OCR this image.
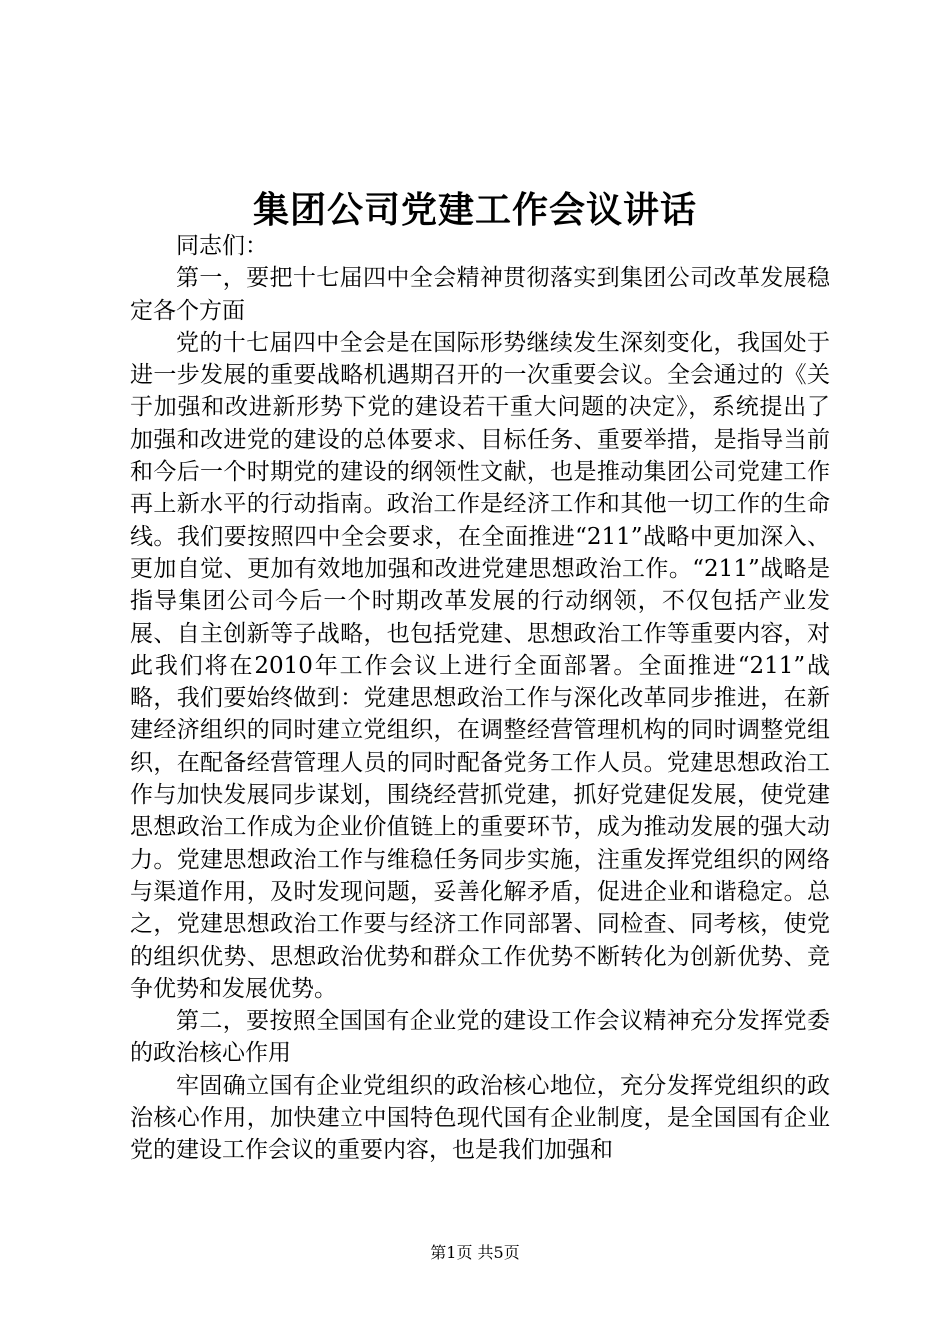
集团公司党建工作会议讲话

同志们：

第一，要把十七届四中全会精神贯彻落实到集团公司改革发展稳定各个方面

党的十七届四中全会是在国际形势继续发生深刻变化，我国处于进一步发展的重要战略机遇期召开的一次重要会议。全会通过的《关于加强和改进新形势下党的建设若干重大问题的决定》，系统提出了加强和改进党的建设的总体要求、目标任务、重要举措，是指导当前和今后一个时期党的建设的纲领性文献，也是推动集团公司党建工作再上新水平的行动指南。政治工作是经济工作和其他一切工作的生命线。我们要按照四中全会要求，在全面推进“211”战略中更加深入、更加自觉、更加有效地加强和改进党建思想政治工作。“211”战略是指导集团公司今后一个时期改革发展的行动纲领，不仅包括产业发展、自主创新等子战略，也包括党建、思想政治工作等重要内容，对此我们将在2010年工作会议上进行全面部署。全面推进“211”战略，我们要始终做到：党建思想政治工作与深化改革同步推进，在新建经济组织的同时建立党组织，在调整经营管理机构的同时调整党组织，在配备经营管理人员的同时配备党务工作人员。党建思想政治工作与加快发展同步谋划，围绕经营抓党建，抓好党建促发展，使党建思想政治工作成为企业价值链上的重要环节，成为推动发展的强大动力。党建思想政治工作与维稳任务同步实施，注重发挥党组织的网络与渠道作用，及时发现问题，妥善化解矛盾，促进企业和谐稳定。总之，党建思想政治工作要与经济工作同部署、同检查、同考核，使党的组织优势、思想政治优势和群众工作优势不断转化为创新优势、竞争优势和发展优势。

第二，要按照全国国有企业党的建设工作会议精神充分发挥党委的政治核心作用

牢固确立国有企业党组织的政治核心地位，充分发挥党组织的政治核心作用，加快建立中国特色现代国有企业制度，是全国国有企业党的建设工作会议的重要内容，也是我们加强和

第1页 共5页
